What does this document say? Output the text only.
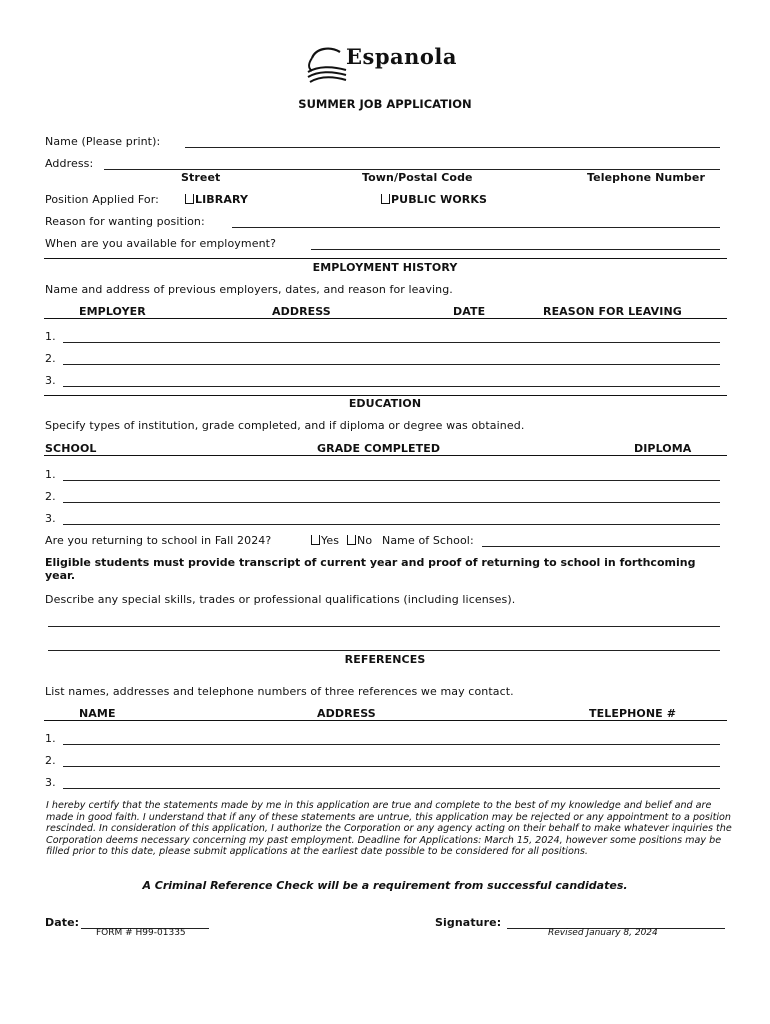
Espanola
SUMMER JOB APPLICATION
Name (Please print):
Address:
Street	Town/Postal Code	Telephone Number
Position Applied For:	LIBRARY	PUBLIC WORKS
Reason for wanting position:
When are you available for employment?
EMPLOYMENT HISTORY
Name and address of previous employers, dates, and reason for leaving.
EMPLOYER	ADDRESS	DATE	REASON FOR LEAVING
1.
2.
3.
EDUCATION
Specify types of institution, grade completed, and if diploma or degree was obtained.
SCHOOL	GRADE COMPLETED	DIPLOMA
1.
2.
3.
Are you returning to school in Fall 2024?	Yes	No Name of School:
Eligible students must provide transcript of current year and proof of returning to school in forthcoming year.
Describe any special skills, trades or professional qualifications (including licenses).
REFERENCES
List names, addresses and telephone numbers of three references we may contact.
NAME	ADDRESS	TELEPHONE #
1.
2.
3.
I hereby certify that the statements made by me in this application are true and complete to the best of my knowledge and belief and are made in good faith. I understand that if any of these statements are untrue, this application may be rejected or any appointment to a position rescinded. In consideration of this application, I authorize the Corporation or any agency acting on their behalf to make whatever inquiries the Corporation deems necessary concerning my past employment. Deadline for Applications: March 15, 2024, however some positions may be filled prior to this date, please submit applications at the earliest date possible to be considered for all positions.
A Criminal Reference Check will be a requirement from successful candidates.
Date:
FORM # H99-01335
Signature:
Revised January 8, 2024
